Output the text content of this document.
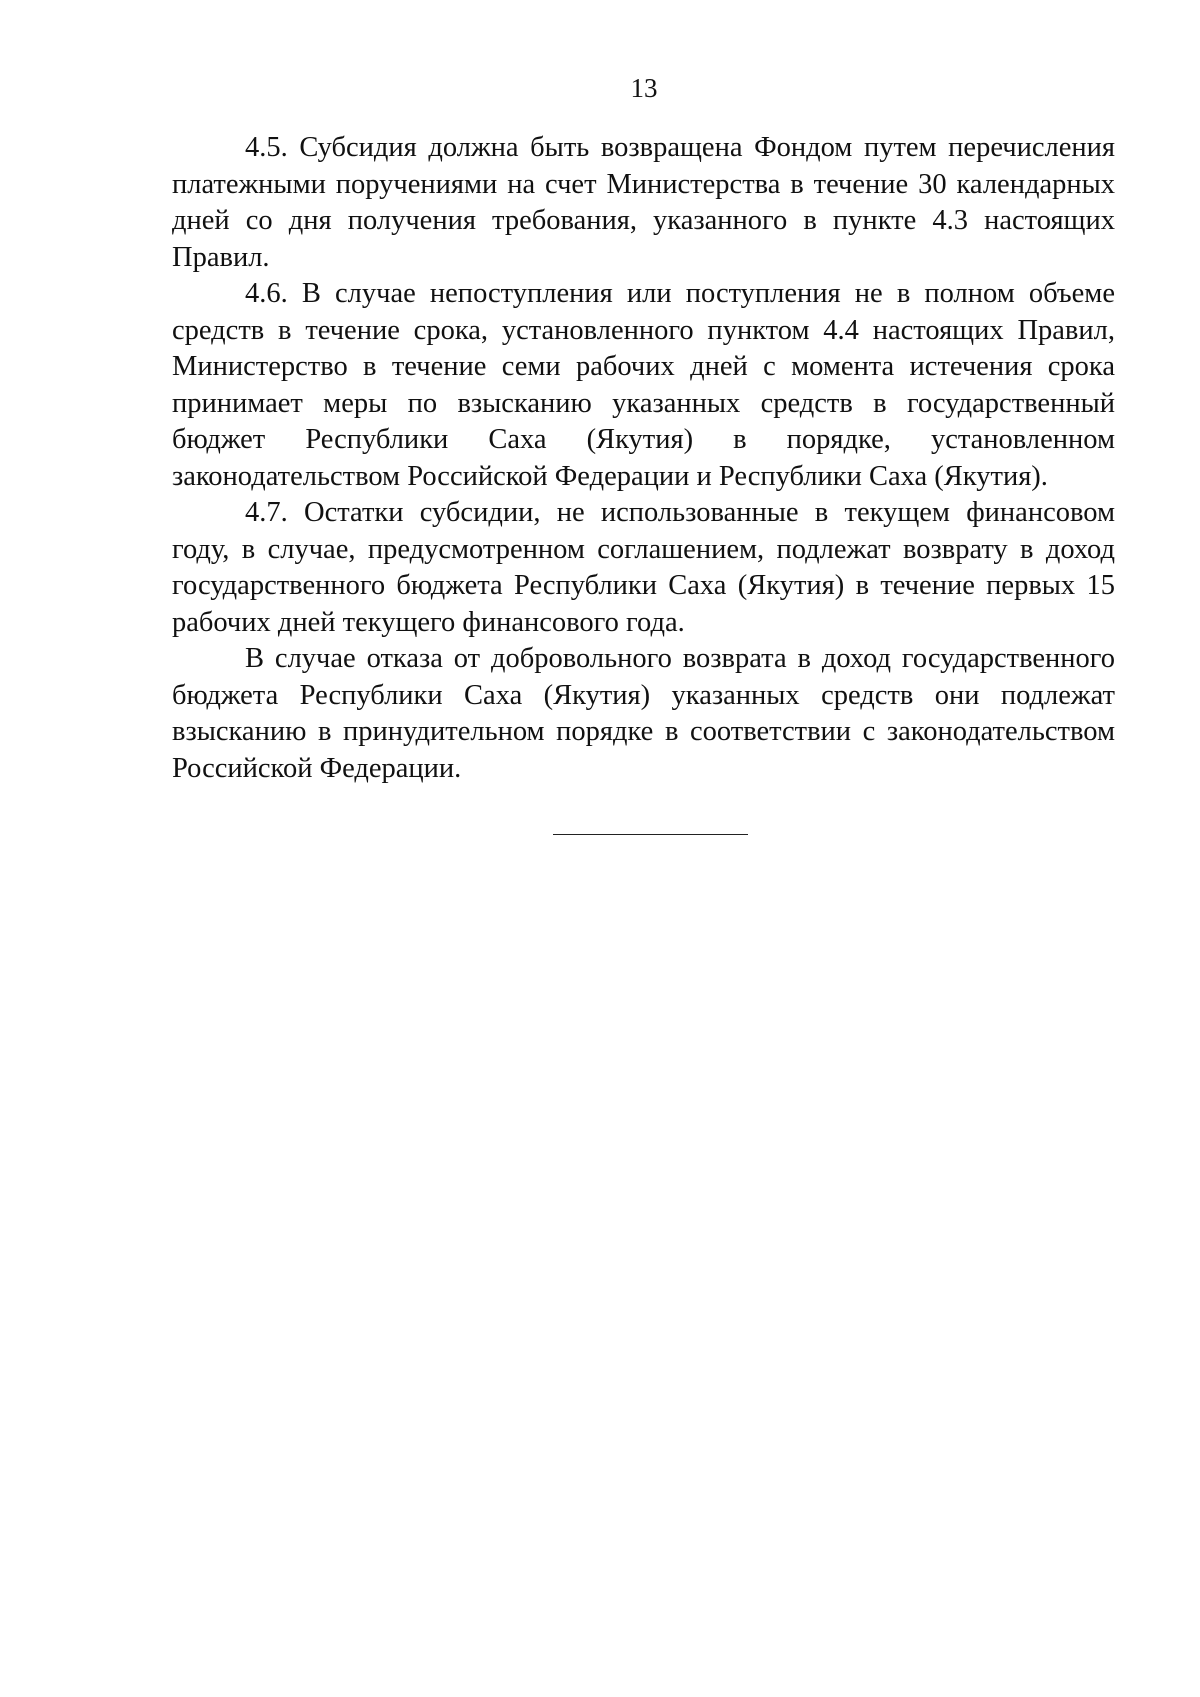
13

4.5. Субсидия должна быть возвращена Фондом путем перечисления платежными поручениями на счет Министерства в течение 30 календарных дней со дня получения требования, указанного в пункте 4.3 настоящих Правил.

4.6. В случае непоступления или поступления не в полном объеме средств в течение срока, установленного пунктом 4.4 настоящих Правил, Министерство в течение семи рабочих дней с момента истечения срока принимает меры по взысканию указанных средств в государственный бюджет Республики Саха (Якутия) в порядке, установленном законодательством Российской Федерации и Республики Саха (Якутия).

4.7. Остатки субсидии, не использованные в текущем финансовом году, в случае, предусмотренном соглашением, подлежат возврату в доход государственного бюджета Республики Саха (Якутия) в течение первых 15 рабочих дней текущего финансового года.

В случае отказа от добровольного возврата в доход государственного бюджета Республики Саха (Якутия) указанных средств они подлежат взысканию в принудительном порядке в соответствии с законодательством Российской Федерации.
